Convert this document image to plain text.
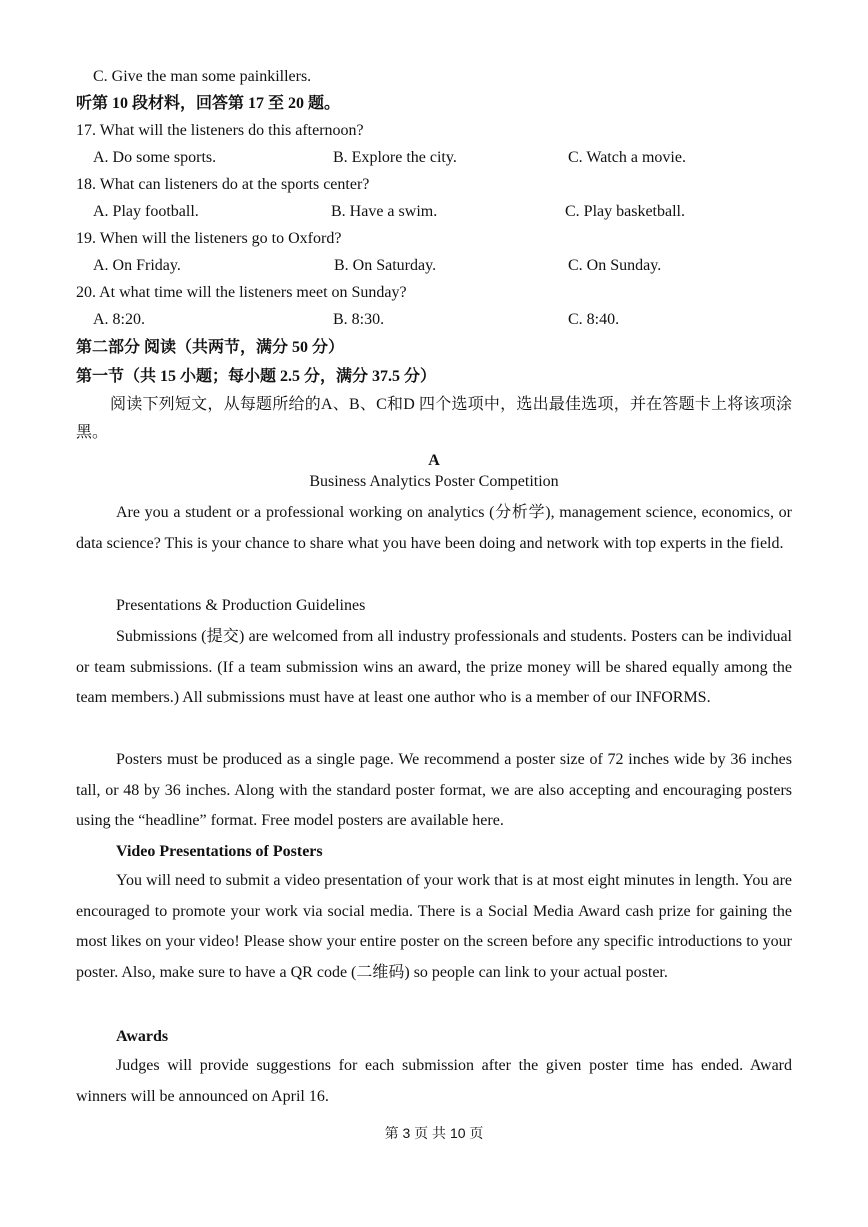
C. Give the man some painkillers.
听第 10 段材料，回答第 17 至 20 题。
17. What will the listeners do this afternoon?
A. Do some sports.	B. Explore the city.	C. Watch a movie.
18. What can listeners do at the sports center?
A. Play football.	B. Have a swim.	C. Play basketball.
19. When will the listeners go to Oxford?
A. On Friday.	B. On Saturday.	C. On Sunday.
20. At what time will the listeners meet on Sunday?
A. 8:20.	B. 8:30.	C. 8:40.
第二部分 阅读（共两节，满分 50 分）
第一节（共 15 小题；每小题 2.5 分，满分 37.5 分）

阅读下列短文，从每题所给的A、B、C和D 四个选项中，选出最佳选项，并在答题卡上将该项涂黑。

A
Business Analytics Poster Competition

Are you a student or a professional working on analytics (分析学), management science, economics, or data science? This is your chance to share what you have been doing and network with top experts in the field.

Presentations & Production Guidelines

Submissions (提交) are welcomed from all industry professionals and students. Posters can be individual or team submissions. (If a team submission wins an award, the prize money will be shared equally among the team members.) All submissions must have at least one author who is a member of our INFORMS.

Posters must be produced as a single page. We recommend a poster size of 72 inches wide by 36 inches tall, or 48 by 36 inches. Along with the standard poster format, we are also accepting and encouraging posters using the “headline” format. Free model posters are available here.

Video Presentations of Posters

You will need to submit a video presentation of your work that is at most eight minutes in length. You are encouraged to promote your work via social media. There is a Social Media Award cash prize for gaining the most likes on your video! Please show your entire poster on the screen before any specific introductions to your poster. Also, make sure to have a QR code (二维码) so people can link to your actual poster.

Awards

Judges will provide suggestions for each submission after the given poster time has ended. Award winners will be announced on April 16.

第 3 页 共 10 页
